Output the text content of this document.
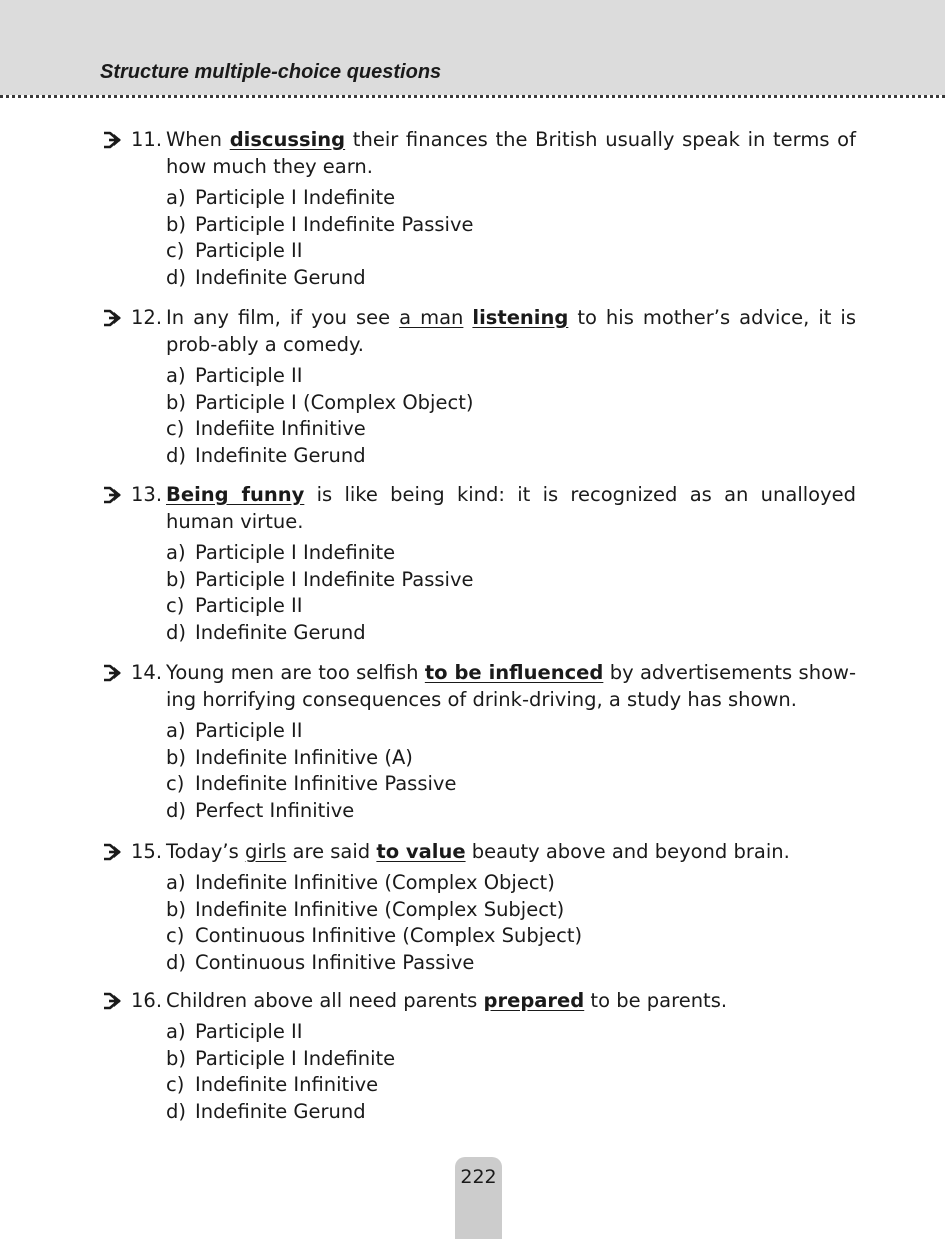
Structure multiple-choice questions
11. When discussing their finances the British usually speak in terms of how much they earn.
a) Participle I Indefinite
b) Participle I Indefinite Passive
c) Participle II
d) Indefinite Gerund
12. In any film, if you see a man listening to his mother’s advice, it is prob-ably a comedy.
a) Participle II
b) Participle I (Complex Object)
c) Indefiite Infinitive
d) Indefinite Gerund
13. Being funny is like being kind: it is recognized as an unalloyed human virtue.
a) Participle I Indefinite
b) Participle I Indefinite Passive
c) Participle II
d) Indefinite Gerund
14. Young men are too selfish to be influenced by advertisements show-ing horrifying consequences of drink-driving, a study has shown.
a) Participle II
b) Indefinite Infinitive (A)
c) Indefinite Infinitive Passive
d) Perfect Infinitive
15. Today’s girls are said to value beauty above and beyond brain.
a) Indefinite Infinitive (Complex Object)
b) Indefinite Infinitive (Complex Subject)
c) Continuous Infinitive (Complex Subject)
d) Continuous Infinitive Passive
16. Children above all need parents prepared to be parents.
a) Participle II
b) Participle I Indefinite
c) Indefinite Infinitive
d) Indefinite Gerund
222
